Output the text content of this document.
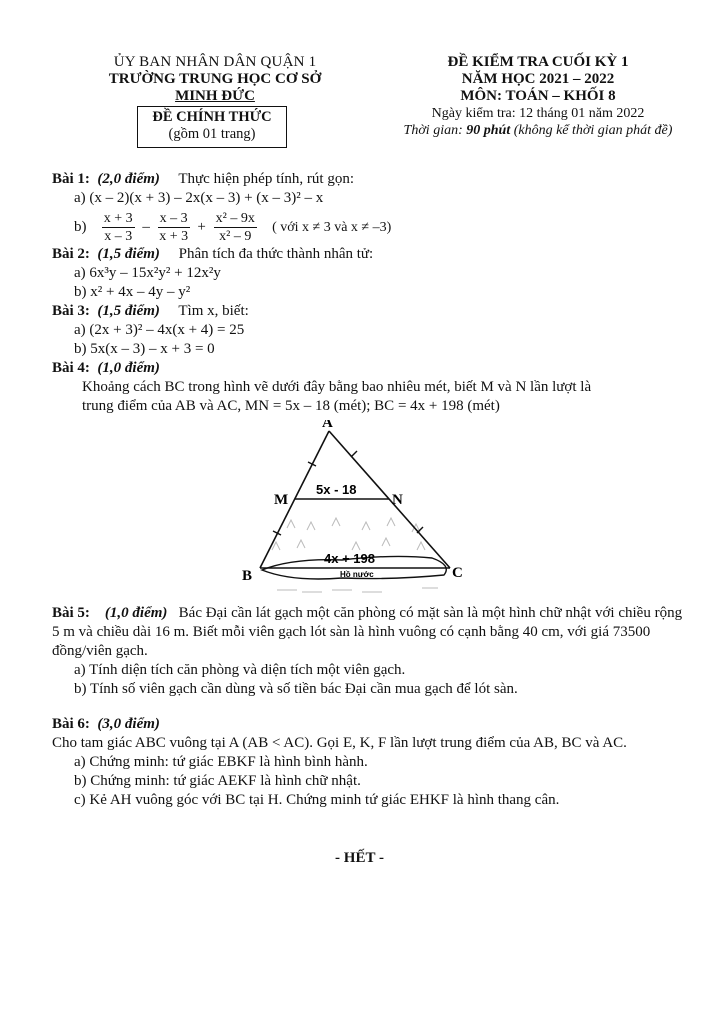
ỦY BAN NHÂN DÂN QUẬN 1
TRƯỜNG TRUNG HỌC CƠ SỞ
MINH ĐỨC
ĐỀ CHÍNH THỨC
(gồm 01 trang)
ĐỀ KIỂM TRA CUỐI KỲ 1
NĂM HỌC 2021 – 2022
MÔN: TOÁN – KHỐI 8
Ngày kiểm tra: 12 tháng 01 năm 2022
Thời gian: 90 phút (không kể thời gian phát đề)
Bài 1: (2,0 điểm) Thực hiện phép tính, rút gọn:
a) (x – 2)(x + 3) – 2x(x – 3) + (x – 3)² – x
$b) \frac{x + 3}{x - 3} - \frac{x - 3}{x + 3} + \frac{\text{x² – 9x}}{\text{x² – 9}}$ ( với x ≠ 3 và x ≠ –3)
Bài 2: (1,5 điểm) Phân tích đa thức thành nhân tử:
a) 6x³y – 15x²y² + 12x²y
b) x² + 4x – 4y – y²
Bài 3: (1,5 điểm) Tìm x, biết:
a) (2x + 3)² – 4x(x + 4) = 25
b) 5x(x – 3) – x + 3 = 0
Bài 4: (1,0 điểm)
Khoảng cách BC trong hình vẽ dưới đây bằng bao nhiêu mét, biết M và N lần lượt là
trung điểm của AB và AC, MN = 5x – 18 (mét); BC = 4x + 198 (mét)
A
M	N
B	C
5x - 18
4x + 198
Hồ nước
Bài 5: (1,0 điểm) Bác Đại cần lát gạch một căn phòng có mặt sàn là một hình chữ nhật với chiều rộng 5 m và chiều dài 16 m. Biết mỗi viên gạch lót sàn là hình vuông có cạnh bằng 40 cm, với giá 73500 đồng/viên gạch.
a) Tính diện tích căn phòng và diện tích một viên gạch.
b) Tính số viên gạch cần dùng và số tiền bác Đại cần mua gạch để lót sàn.
Bài 6: (3,0 điểm)
Cho tam giác ABC vuông tại A (AB < AC). Gọi E, K, F lần lượt trung điểm của AB, BC và AC.
a) Chứng minh: tứ giác EBKF là hình bình hành.
b) Chứng minh: tứ giác AEKF là hình chữ nhật.
c) Kẻ AH vuông góc với BC tại H. Chứng minh tứ giác EHKF là hình thang cân.
- HẾT -
